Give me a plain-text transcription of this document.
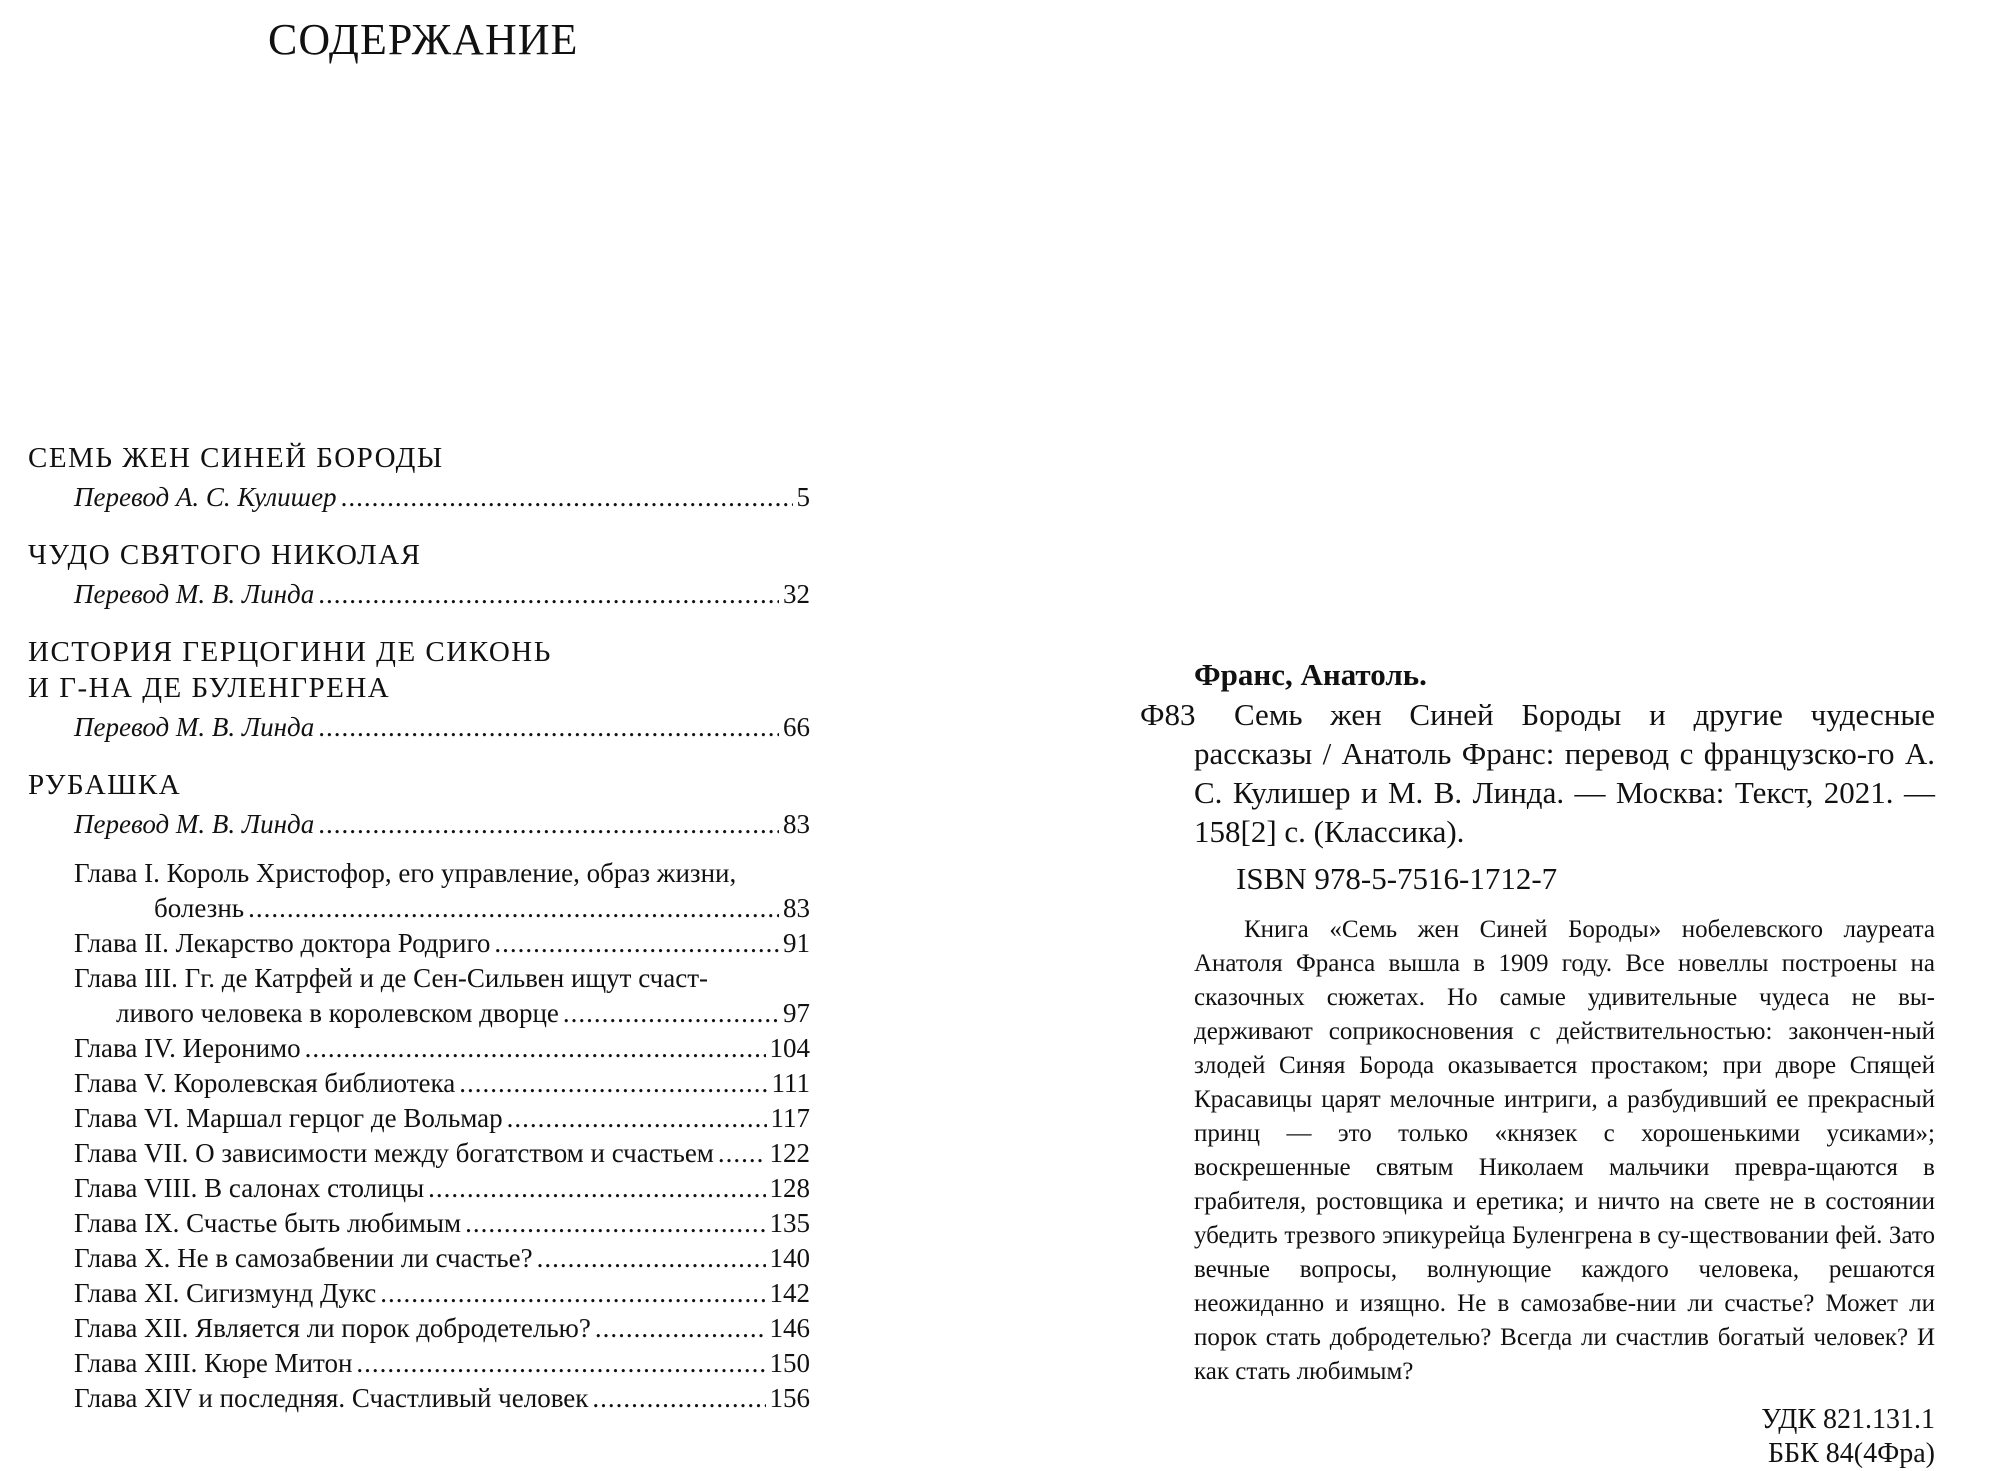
СОДЕРЖАНИЕ
СЕМЬ ЖЕН СИНЕЙ БОРОДЫ
Перевод А. С. Кулишер .....	5
ЧУДО СВЯТОГО НИКОЛАЯ
Перевод М. В. Линда .....	32
ИСТОРИЯ ГЕРЦОГИНИ ДЕ СИКОНЬ
И Г-НА ДЕ БУЛЕНГРЕНА
Перевод М. В. Линда .....	66
РУБАШКА
Перевод М. В. Линда .....	83
Глава I. Король Христофор, его управление, образ жизни,
болезнь .....	83
Глава II. Лекарство доктора Родриго .....	91
Глава III. Гг. де Катрфей и де Сен-Сильвен ищут счаст-
ливого человека в королевском дворце .....	97
Глава IV. Иеронимо .....	104
Глава V. Королевская библиотека .....	111
Глава VI. Маршал герцог де Вольмар .....	117
Глава VII. О зависимости между богатством и счастьем ..... 122
Глава VIII. В салонах столицы .....	128
Глава IX. Счастье быть любимым .....	135
Глава X. Не в самозабвении ли счастье? .....	140
Глава XI. Сигизмунд Дукс .....	142
Глава XII. Является ли порок добродетелью? .....	146
Глава XIII. Кюре Митон .....	150
Глава XIV и последняя. Счастливый человек .....	156
Франс, Анатоль.
Ф83	Семь жен Синей Бороды и другие чудесные рассказы / Анатоль Франс: перевод с французско-го А. С. Кулишер и М. В. Линда. — Москва: Текст, 2021. — 158[2] с. (Классика).

ISBN 978-5-7516-1712-7
Книга «Семь жен Синей Бороды» нобелевского лауреата Анатоля Франса вышла в 1909 году. Все новеллы построены на сказочных сюжетах. Но самые удивительные чудеса не вы-держивают соприкосновения с действительностью: закончен-ный злодей Синяя Борода оказывается простаком; при дворе Спящей Красавицы царят мелочные интриги, а разбудивший ее прекрасный принц — это только «князек с хорошенькими усиками»; воскрешенные святым Николаем мальчики превра-щаются в грабителя, ростовщика и еретика; и ничто на свете не в состоянии убедить трезвого эпикурейца Буленгрена в су-ществовании фей. Зато вечные вопросы, волнующие каждого человека, решаются неожиданно и изящно. Не в самозабве-нии ли счастье? Может ли порок стать добродетелью? Всегда ли счастлив богатый человек? И как стать любимым?
УДК 821.131.1
ББК 84(4Фра)
